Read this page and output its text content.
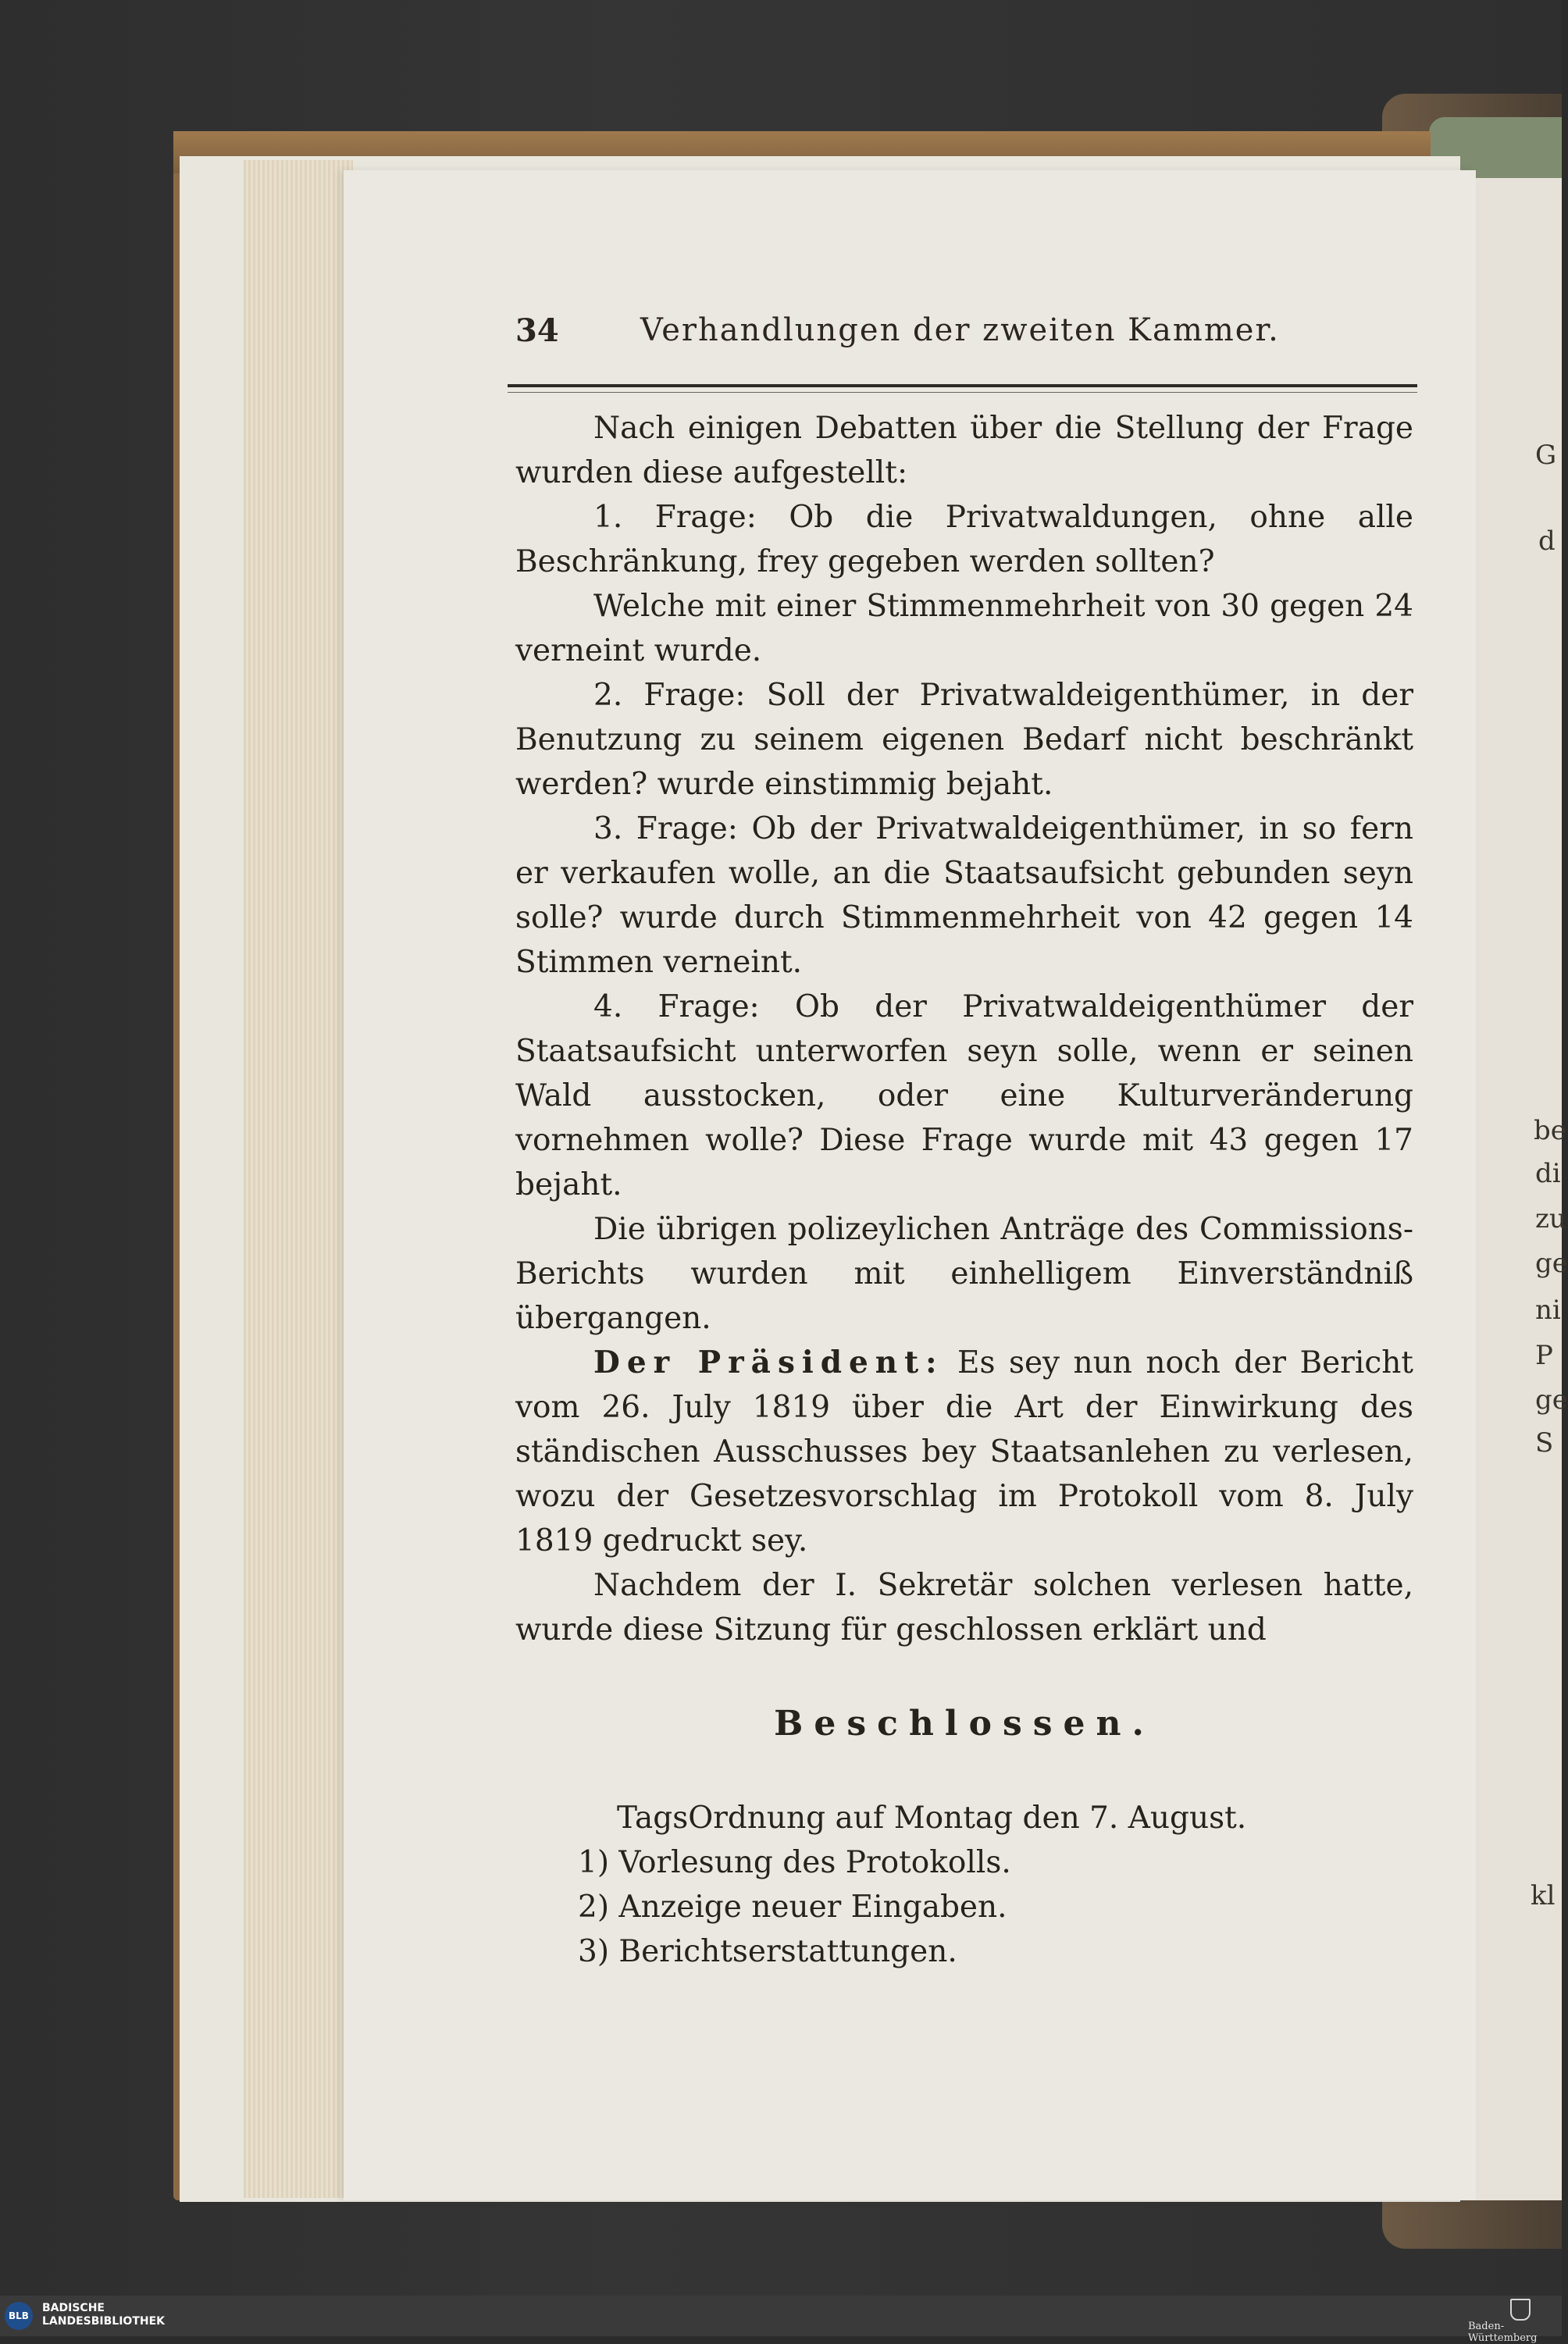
G
d
be
di
zu
ge
ni
P
ge
S
kl
34	Verhandlungen der zweiten Kammer.

Nach einigen Debatten über die Stellung der Frage wurden diese aufgestellt:

1. Frage: Ob die Privatwaldungen, ohne alle Beschränkung, frey gegeben werden sollten?

Welche mit einer Stimmenmehrheit von 30 gegen 24 verneint wurde.

2. Frage: Soll der Privatwaldeigenthümer, in der Benutzung zu seinem eigenen Bedarf nicht beschränkt werden? wurde einstimmig bejaht.

3. Frage: Ob der Privatwaldeigenthümer, in so fern er verkaufen wolle, an die Staatsaufsicht gebunden seyn solle? wurde durch Stimmenmehrheit von 42 gegen 14 Stimmen verneint.

4. Frage: Ob der Privatwaldeigenthümer der Staatsaufsicht unterworfen seyn solle, wenn er seinen Wald ausstocken, oder eine Kulturveränderung vornehmen wolle? Diese Frage wurde mit 43 gegen 17 bejaht.

Die übrigen polizeylichen Anträge des Commissions-Berichts wurden mit einhelligem Einverständniß übergangen.

Der Präsident: Es sey nun noch der Bericht vom 26. July 1819 über die Art der Einwirkung des ständischen Ausschusses bey Staatsanlehen zu verlesen, wozu der Gesetzesvorschlag im Protokoll vom 8. July 1819 gedruckt sey.

Nachdem der I. Sekretär solchen verlesen hatte, wurde diese Sitzung für geschlossen erklärt und

Beschlossen.

TagsOrdnung auf Montag den 7. August.

1) Vorlesung des Protokolls.
2) Anzeige neuer Eingaben.
3) Berichtserstattungen.
BLB
BADISCHE
LANDESBIBLIOTHEK	Baden-Württemberg
